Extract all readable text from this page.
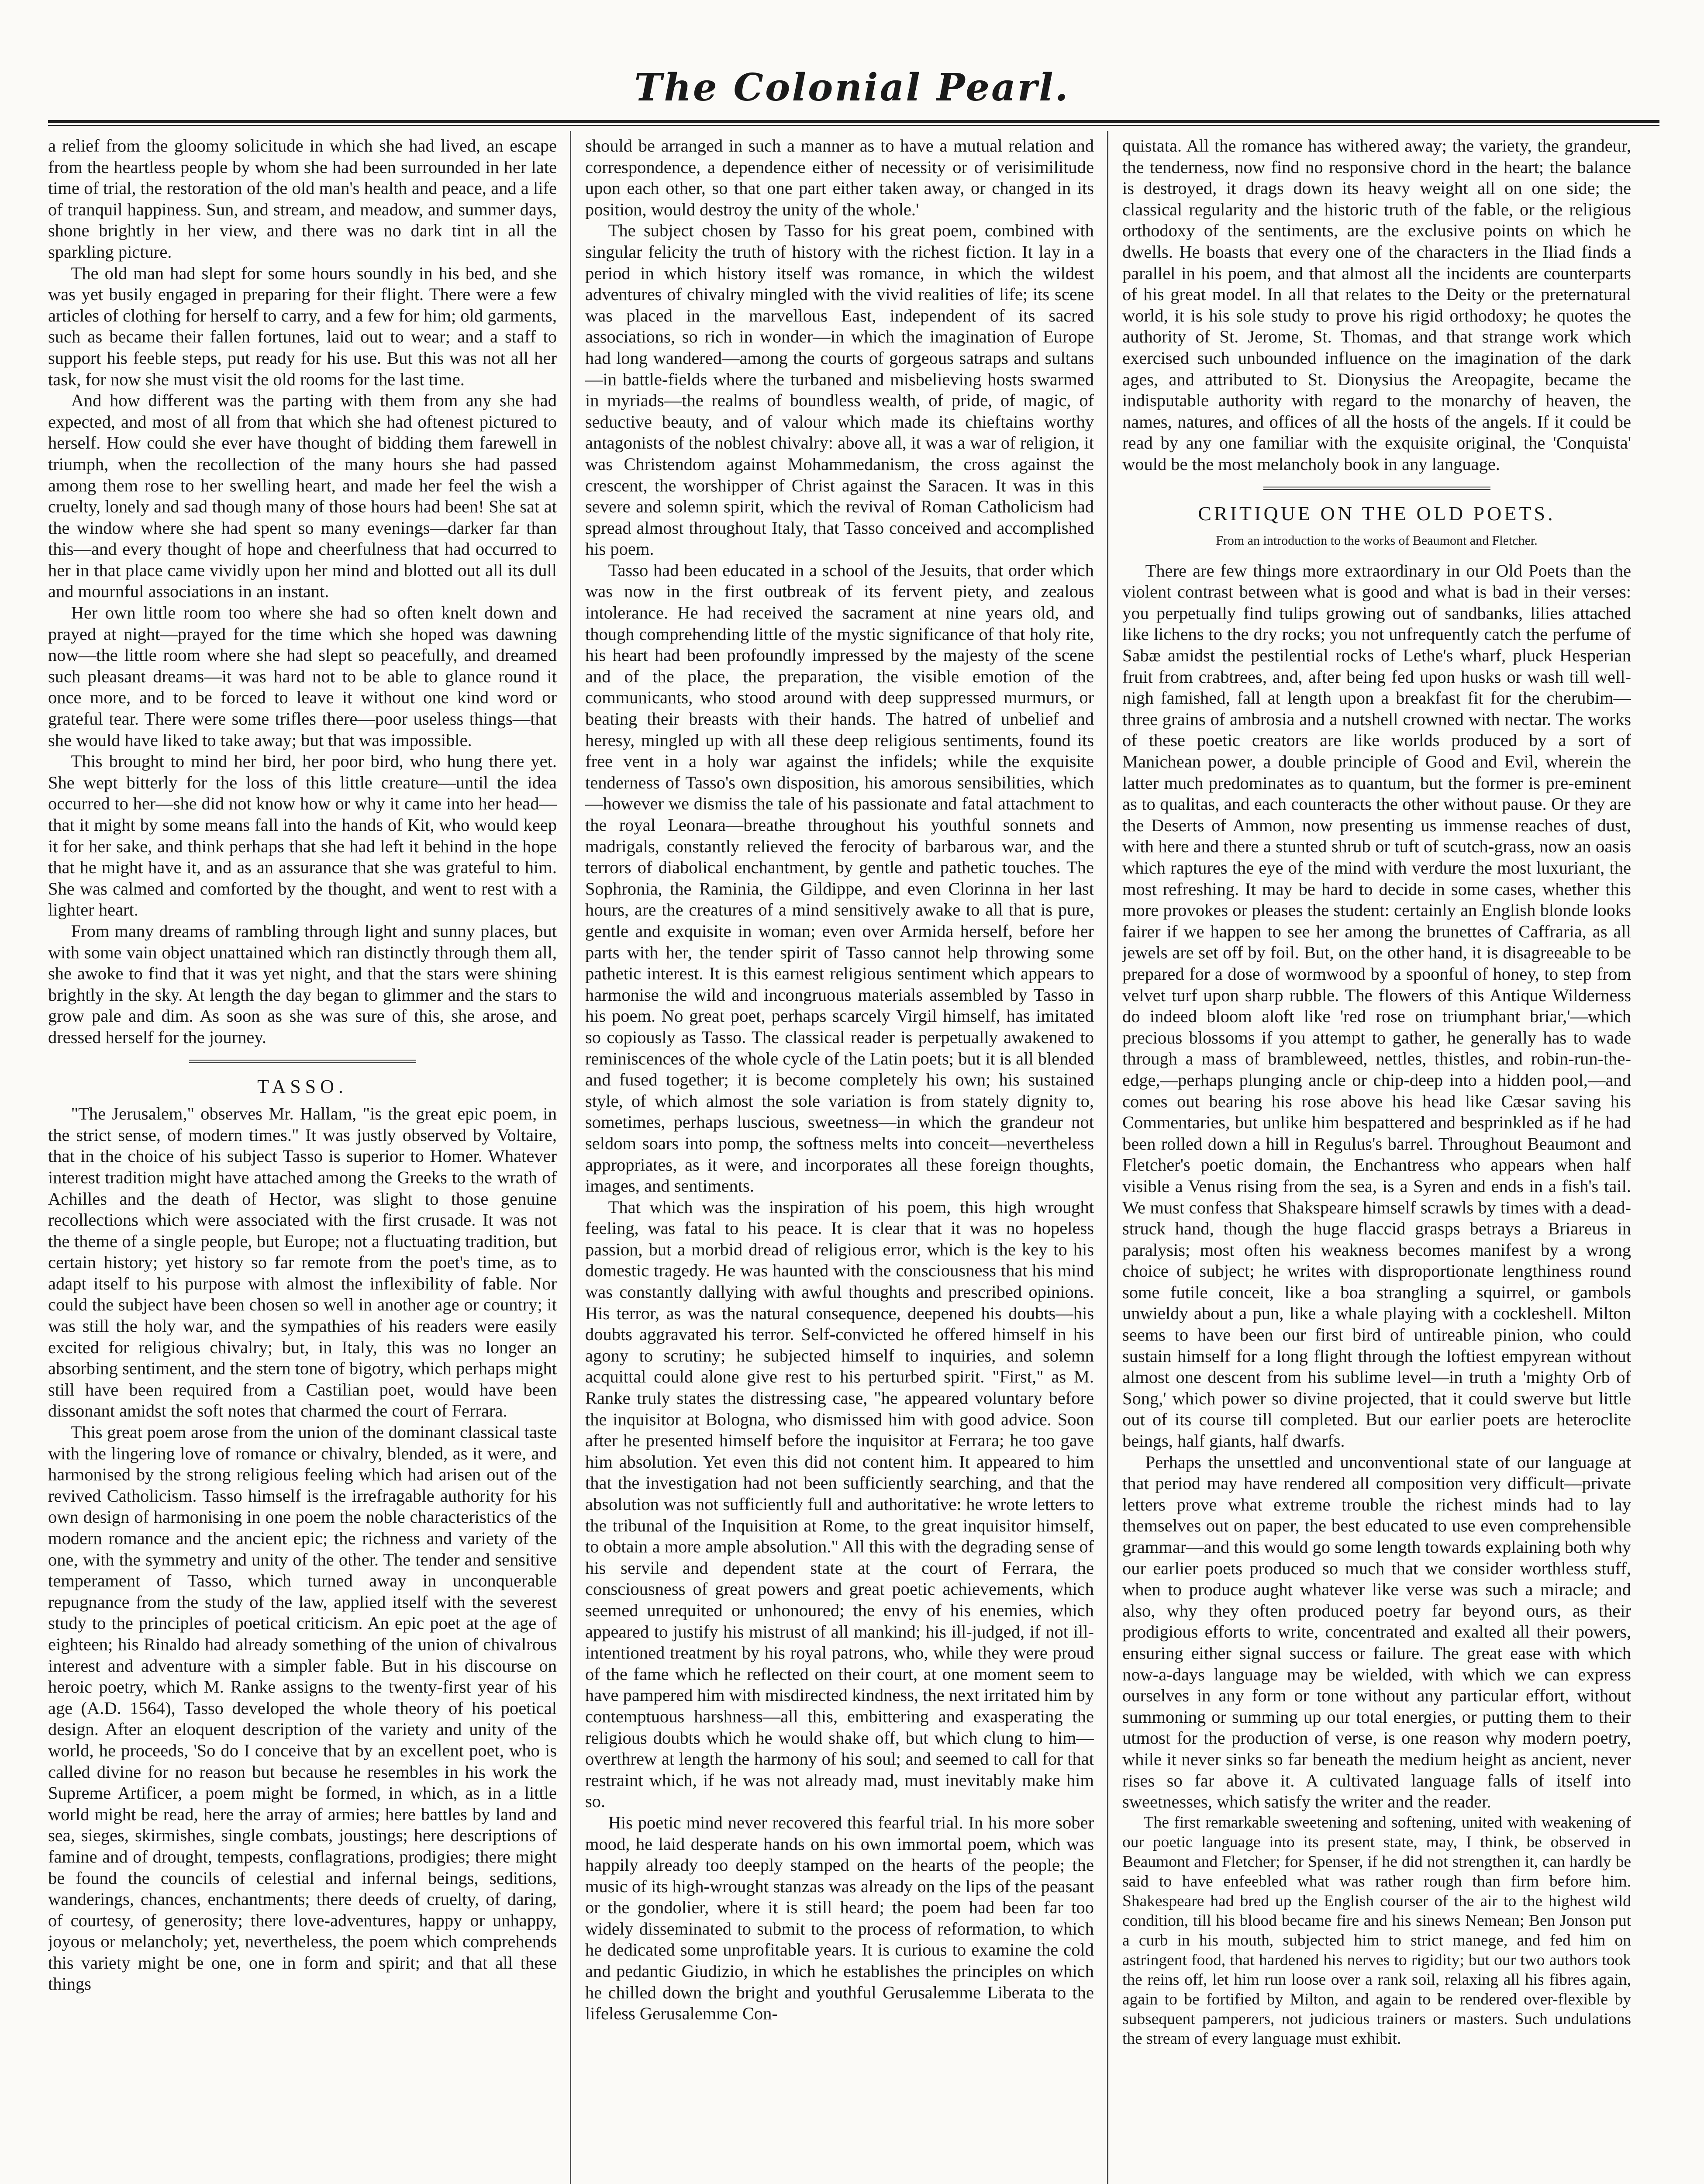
The Colonial Pearl.

a relief from the gloomy solicitude in which she had lived, an escape from the heartless people by whom she had been surrounded in her late time of trial, the restoration of the old man's health and peace, and a life of tranquil happiness. Sun, and stream, and meadow, and summer days, shone brightly in her view, and there was no dark tint in all the sparkling picture.

The old man had slept for some hours soundly in his bed, and she was yet busily engaged in preparing for their flight. There were a few articles of clothing for herself to carry, and a few for him; old garments, such as became their fallen fortunes, laid out to wear; and a staff to support his feeble steps, put ready for his use. But this was not all her task, for now she must visit the old rooms for the last time.

And how different was the parting with them from any she had expected, and most of all from that which she had oftenest pictured to herself. How could she ever have thought of bidding them farewell in triumph, when the recollection of the many hours she had passed among them rose to her swelling heart, and made her feel the wish a cruelty, lonely and sad though many of those hours had been! She sat at the window where she had spent so many evenings—darker far than this—and every thought of hope and cheerfulness that had occurred to her in that place came vividly upon her mind and blotted out all its dull and mournful associations in an instant.

Her own little room too where she had so often knelt down and prayed at night—prayed for the time which she hoped was dawning now—the little room where she had slept so peacefully, and dreamed such pleasant dreams—it was hard not to be able to glance round it once more, and to be forced to leave it without one kind word or grateful tear. There were some trifles there—poor useless things—that she would have liked to take away; but that was impossible.

This brought to mind her bird, her poor bird, who hung there yet. She wept bitterly for the loss of this little creature—until the idea occurred to her—she did not know how or why it came into her head—that it might by some means fall into the hands of Kit, who would keep it for her sake, and think perhaps that she had left it behind in the hope that he might have it, and as an assurance that she was grateful to him. She was calmed and comforted by the thought, and went to rest with a lighter heart.

From many dreams of rambling through light and sunny places, but with some vain object unattained which ran distinctly through them all, she awoke to find that it was yet night, and that the stars were shining brightly in the sky. At length the day began to glimmer and the stars to grow pale and dim. As soon as she was sure of this, she arose, and dressed herself for the journey.

TASSO.

"The Jerusalem," observes Mr. Hallam, "is the great epic poem, in the strict sense, of modern times." It was justly observed by Voltaire, that in the choice of his subject Tasso is superior to Homer. Whatever interest tradition might have attached among the Greeks to the wrath of Achilles and the death of Hector, was slight to those genuine recollections which were associated with the first crusade. It was not the theme of a single people, but Europe; not a fluctuating tradition, but certain history; yet history so far remote from the poet's time, as to adapt itself to his purpose with almost the inflexibility of fable. Nor could the subject have been chosen so well in another age or country; it was still the holy war, and the sympathies of his readers were easily excited for religious chivalry; but, in Italy, this was no longer an absorbing sentiment, and the stern tone of bigotry, which perhaps might still have been required from a Castilian poet, would have been dissonant amidst the soft notes that charmed the court of Ferrara.

This great poem arose from the union of the dominant classical taste with the lingering love of romance or chivalry, blended, as it were, and harmonised by the strong religious feeling which had arisen out of the revived Catholicism. Tasso himself is the irrefragable authority for his own design of harmonising in one poem the noble characteristics of the modern romance and the ancient epic; the richness and variety of the one, with the symmetry and unity of the other. The tender and sensitive temperament of Tasso, which turned away in unconquerable repugnance from the study of the law, applied itself with the severest study to the principles of poetical criticism. An epic poet at the age of eighteen; his Rinaldo had already something of the union of chivalrous interest and adventure with a simpler fable. But in his discourse on heroic poetry, which M. Ranke assigns to the twenty-first year of his age (A.D. 1564), Tasso developed the whole theory of his poetical design. After an eloquent description of the variety and unity of the world, he proceeds, 'So do I conceive that by an excellent poet, who is called divine for no reason but because he resembles in his work the Supreme Artificer, a poem might be formed, in which, as in a little world might be read, here the array of armies; here battles by land and sea, sieges, skirmishes, single combats, joustings; here descriptions of famine and of drought, tempests, conflagrations, prodigies; there might be found the councils of celestial and infernal beings, seditions, wanderings, chances, enchantments; there deeds of cruelty, of daring, of courtesy, of generosity; there love-adventures, happy or unhappy, joyous or melancholy; yet, nevertheless, the poem which comprehends this variety might be one, one in form and spirit; and that all these things

should be arranged in such a manner as to have a mutual relation and correspondence, a dependence either of necessity or of verisimilitude upon each other, so that one part either taken away, or changed in its position, would destroy the unity of the whole.'

The subject chosen by Tasso for his great poem, combined with singular felicity the truth of history with the richest fiction. It lay in a period in which history itself was romance, in which the wildest adventures of chivalry mingled with the vivid realities of life; its scene was placed in the marvellous East, independent of its sacred associations, so rich in wonder—in which the imagination of Europe had long wandered—among the courts of gorgeous satraps and sultans—in battle-fields where the turbaned and misbelieving hosts swarmed in myriads—the realms of boundless wealth, of pride, of magic, of seductive beauty, and of valour which made its chieftains worthy antagonists of the noblest chivalry: above all, it was a war of religion, it was Christendom against Mohammedanism, the cross against the crescent, the worshipper of Christ against the Saracen. It was in this severe and solemn spirit, which the revival of Roman Catholicism had spread almost throughout Italy, that Tasso conceived and accomplished his poem.

Tasso had been educated in a school of the Jesuits, that order which was now in the first outbreak of its fervent piety, and zealous intolerance. He had received the sacrament at nine years old, and though comprehending little of the mystic significance of that holy rite, his heart had been profoundly impressed by the majesty of the scene and of the place, the preparation, the visible emotion of the communicants, who stood around with deep suppressed murmurs, or beating their breasts with their hands. The hatred of unbelief and heresy, mingled up with all these deep religious sentiments, found its free vent in a holy war against the infidels; while the exquisite tenderness of Tasso's own disposition, his amorous sensibilities, which—however we dismiss the tale of his passionate and fatal attachment to the royal Leonara—breathe throughout his youthful sonnets and madrigals, constantly relieved the ferocity of barbarous war, and the terrors of diabolical enchantment, by gentle and pathetic touches. The Sophronia, the Raminia, the Gildippe, and even Clorinna in her last hours, are the creatures of a mind sensitively awake to all that is pure, gentle and exquisite in woman; even over Armida herself, before her parts with her, the tender spirit of Tasso cannot help throwing some pathetic interest. It is this earnest religious sentiment which appears to harmonise the wild and incongruous materials assembled by Tasso in his poem. No great poet, perhaps scarcely Virgil himself, has imitated so copiously as Tasso. The classical reader is perpetually awakened to reminiscences of the whole cycle of the Latin poets; but it is all blended and fused together; it is become completely his own; his sustained style, of which almost the sole variation is from stately dignity to, sometimes, perhaps luscious, sweetness—in which the grandeur not seldom soars into pomp, the softness melts into conceit—nevertheless appropriates, as it were, and incorporates all these foreign thoughts, images, and sentiments.

That which was the inspiration of his poem, this high wrought feeling, was fatal to his peace. It is clear that it was no hopeless passion, but a morbid dread of religious error, which is the key to his domestic tragedy. He was haunted with the consciousness that his mind was constantly dallying with awful thoughts and prescribed opinions. His terror, as was the natural consequence, deepened his doubts—his doubts aggravated his terror. Self-convicted he offered himself in his agony to scrutiny; he subjected himself to inquiries, and solemn acquittal could alone give rest to his perturbed spirit. "First," as M. Ranke truly states the distressing case, "he appeared voluntary before the inquisitor at Bologna, who dismissed him with good advice. Soon after he presented himself before the inquisitor at Ferrara; he too gave him absolution. Yet even this did not content him. It appeared to him that the investigation had not been sufficiently searching, and that the absolution was not sufficiently full and authoritative: he wrote letters to the tribunal of the Inquisition at Rome, to the great inquisitor himself, to obtain a more ample absolution." All this with the degrading sense of his servile and dependent state at the court of Ferrara, the consciousness of great powers and great poetic achievements, which seemed unrequited or unhonoured; the envy of his enemies, which appeared to justify his mistrust of all mankind; his ill-judged, if not ill-intentioned treatment by his royal patrons, who, while they were proud of the fame which he reflected on their court, at one moment seem to have pampered him with misdirected kindness, the next irritated him by contemptuous harshness—all this, embittering and exasperating the religious doubts which he would shake off, but which clung to him—overthrew at length the harmony of his soul; and seemed to call for that restraint which, if he was not already mad, must inevitably make him so.

His poetic mind never recovered this fearful trial. In his more sober mood, he laid desperate hands on his own immortal poem, which was happily already too deeply stamped on the hearts of the people; the music of its high-wrought stanzas was already on the lips of the peasant or the gondolier, where it is still heard; the poem had been far too widely disseminated to submit to the process of reformation, to which he dedicated some unprofitable years. It is curious to examine the cold and pedantic Giudizio, in which he establishes the principles on which he chilled down the bright and youthful Gerusalemme Liberata to the lifeless Gerusalemme Con-

quistata. All the romance has withered away; the variety, the grandeur, the tenderness, now find no responsive chord in the heart; the balance is destroyed, it drags down its heavy weight all on one side; the classical regularity and the historic truth of the fable, or the religious orthodoxy of the sentiments, are the exclusive points on which he dwells. He boasts that every one of the characters in the Iliad finds a parallel in his poem, and that almost all the incidents are counterparts of his great model. In all that relates to the Deity or the preternatural world, it is his sole study to prove his rigid orthodoxy; he quotes the authority of St. Jerome, St. Thomas, and that strange work which exercised such unbounded influence on the imagination of the dark ages, and attributed to St. Dionysius the Areopagite, became the indisputable authority with regard to the monarchy of heaven, the names, natures, and offices of all the hosts of the angels. If it could be read by any one familiar with the exquisite original, the 'Conquista' would be the most melancholy book in any language.

CRITIQUE ON THE OLD POETS.
From an introduction to the works of Beaumont and Fletcher.

There are few things more extraordinary in our Old Poets than the violent contrast between what is good and what is bad in their verses: you perpetually find tulips growing out of sandbanks, lilies attached like lichens to the dry rocks; you not unfrequently catch the perfume of Sabæ amidst the pestilential rocks of Lethe's wharf, pluck Hesperian fruit from crabtrees, and, after being fed upon husks or wash till well-nigh famished, fall at length upon a breakfast fit for the cherubim—three grains of ambrosia and a nutshell crowned with nectar. The works of these poetic creators are like worlds produced by a sort of Manichean power, a double principle of Good and Evil, wherein the latter much predominates as to quantum, but the former is pre-eminent as to qualitas, and each counteracts the other without pause. Or they are the Deserts of Ammon, now presenting us immense reaches of dust, with here and there a stunted shrub or tuft of scutch-grass, now an oasis which raptures the eye of the mind with verdure the most luxuriant, the most refreshing. It may be hard to decide in some cases, whether this more provokes or pleases the student: certainly an English blonde looks fairer if we happen to see her among the brunettes of Caffraria, as all jewels are set off by foil. But, on the other hand, it is disagreeable to be prepared for a dose of wormwood by a spoonful of honey, to step from velvet turf upon sharp rubble. The flowers of this Antique Wilderness do indeed bloom aloft like 'red rose on triumphant briar,'—which precious blossoms if you attempt to gather, he generally has to wade through a mass of brambleweed, nettles, thistles, and robin-run-the-edge,—perhaps plunging ancle or chip-deep into a hidden pool,—and comes out bearing his rose above his head like Cæsar saving his Commentaries, but unlike him bespattered and besprinkled as if he had been rolled down a hill in Regulus's barrel. Throughout Beaumont and Fletcher's poetic domain, the Enchantress who appears when half visible a Venus rising from the sea, is a Syren and ends in a fish's tail. We must confess that Shakspeare himself scrawls by times with a dead-struck hand, though the huge flaccid grasps betrays a Briareus in paralysis; most often his weakness becomes manifest by a wrong choice of subject; he writes with disproportionate lengthiness round some futile conceit, like a boa strangling a squirrel, or gambols unwieldy about a pun, like a whale playing with a cockleshell. Milton seems to have been our first bird of untireable pinion, who could sustain himself for a long flight through the loftiest empyrean without almost one descent from his sublime level—in truth a 'mighty Orb of Song,' which power so divine projected, that it could swerve but little out of its course till completed. But our earlier poets are heteroclite beings, half giants, half dwarfs.

Perhaps the unsettled and unconventional state of our language at that period may have rendered all composition very difficult—private letters prove what extreme trouble the richest minds had to lay themselves out on paper, the best educated to use even comprehensible grammar—and this would go some length towards explaining both why our earlier poets produced so much that we consider worthless stuff, when to produce aught whatever like verse was such a miracle; and also, why they often produced poetry far beyond ours, as their prodigious efforts to write, concentrated and exalted all their powers, ensuring either signal success or failure. The great ease with which now-a-days language may be wielded, with which we can express ourselves in any form or tone without any particular effort, without summoning or summing up our total energies, or putting them to their utmost for the production of verse, is one reason why modern poetry, while it never sinks so far beneath the medium height as ancient, never rises so far above it. A cultivated language falls of itself into sweetnesses, which satisfy the writer and the reader.

The first remarkable sweetening and softening, united with weakening of our poetic language into its present state, may, I think, be observed in Beaumont and Fletcher; for Spenser, if he did not strengthen it, can hardly be said to have enfeebled what was rather rough than firm before him. Shakespeare had bred up the English courser of the air to the highest wild condition, till his blood became fire and his sinews Nemean; Ben Jonson put a curb in his mouth, subjected him to strict manege, and fed him on astringent food, that hardened his nerves to rigidity; but our two authors took the reins off, let him run loose over a rank soil, relaxing all his fibres again, again to be fortified by Milton, and again to be rendered over-flexible by subsequent pamperers, not judicious trainers or masters. Such undulations the stream of every language must exhibit.
